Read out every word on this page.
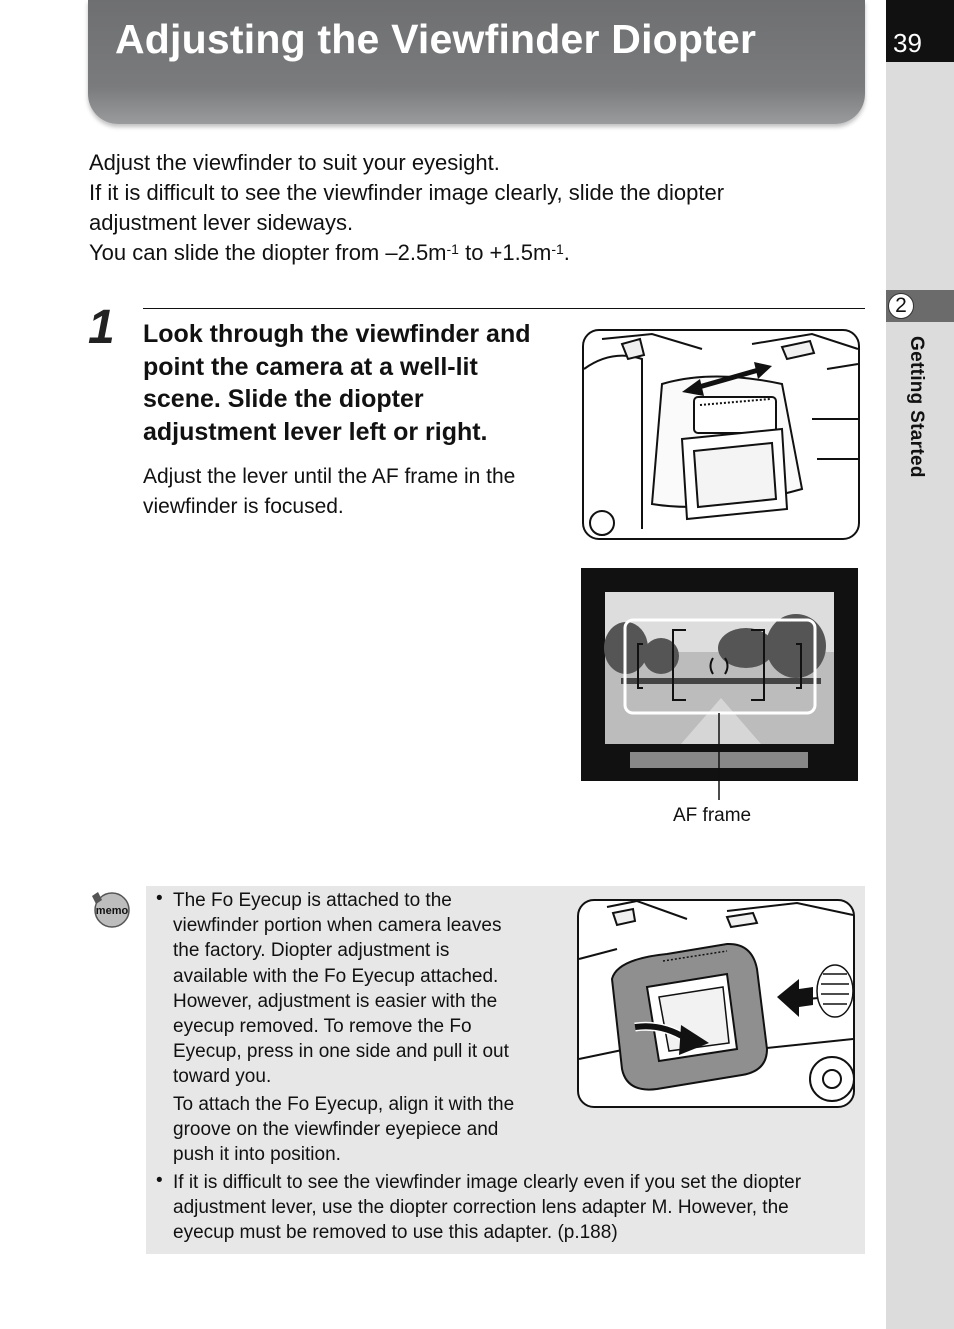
Adjusting the Viewfinder Diopter	39
2
Getting Started
Adjust the viewfinder to suit your eyesight.
If it is difficult to see the viewfinder image clearly, slide the diopter
adjustment lever sideways.
You can slide the diopter from $-2.5m^{-1}$ to $+1.5m^{-1}$.
1 Look through the viewfinder and point the camera at a well-lit scene. Slide the diopter adjustment lever left or right.
Adjust the lever until the AF frame in the viewfinder is focused.
AF frame
memo
• The Fo Eyecup is attached to the
viewfinder portion when camera leaves
the factory. Diopter adjustment is
available with the Fo Eyecup attached.
However, adjustment is easier with the
eyecup removed. To remove the Fo
Eyecup, press in one side and pull it out
toward you.
To attach the Fo Eyecup, align it with the
groove on the viewfinder eyepiece and
push it into position.
• If it is difficult to see the viewfinder image clearly even if you set the diopter
adjustment lever, use the diopter correction lens adapter M. However, the
eyecup must be removed to use this adapter. (p.188)
